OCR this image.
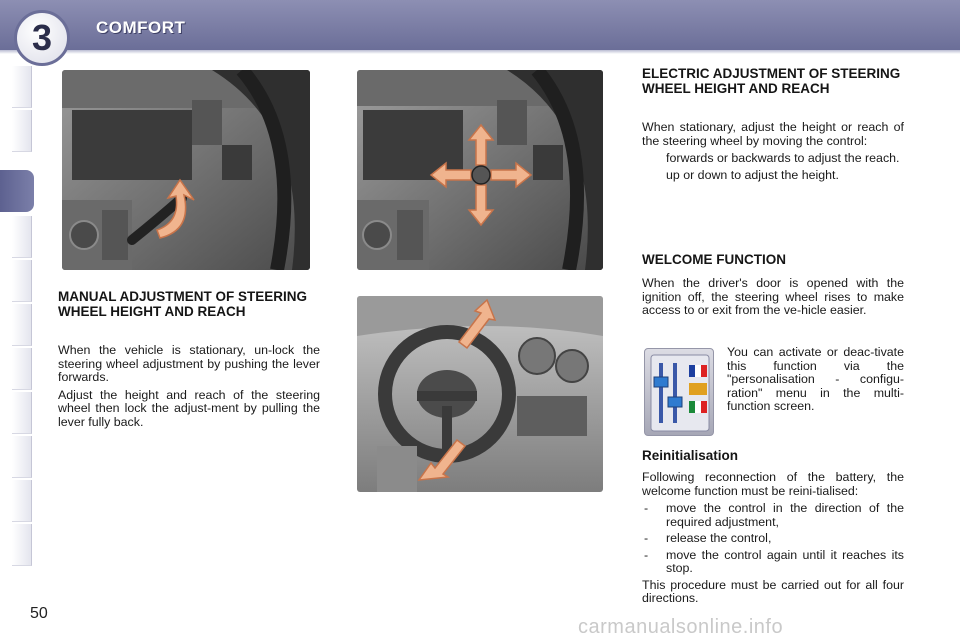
3	COMFORT
MANUAL ADJUSTMENT OF STEERING WHEEL HEIGHT AND REACH

When the vehicle is stationary, un-lock the steering wheel adjustment by pushing the lever forwards.

Adjust the height and reach of the steering wheel then lock the adjust-ment by pulling the lever fully back.

ELECTRIC ADJUSTMENT OF STEERING WHEEL HEIGHT AND REACH

When stationary, adjust the height or reach of the steering wheel by moving the control:

forwards or backwards to adjust the reach.
up or down to adjust the height.
WELCOME FUNCTION
When the driver's door is opened with the ignition off, the steering wheel rises to make access to or exit from the ve-hicle easier.
You can activate or deac-tivate this function via the "personalisation - configu-ration" menu in the multi-function screen.
Reinitialisation

Following reconnection of the battery, the welcome function must be reini-tialised:

- move the control in the direction of the required adjustment,
- release the control,
- move the control again until it reaches its stop.

This procedure must be carried out for all four directions.

50
carmanualsonline.info
